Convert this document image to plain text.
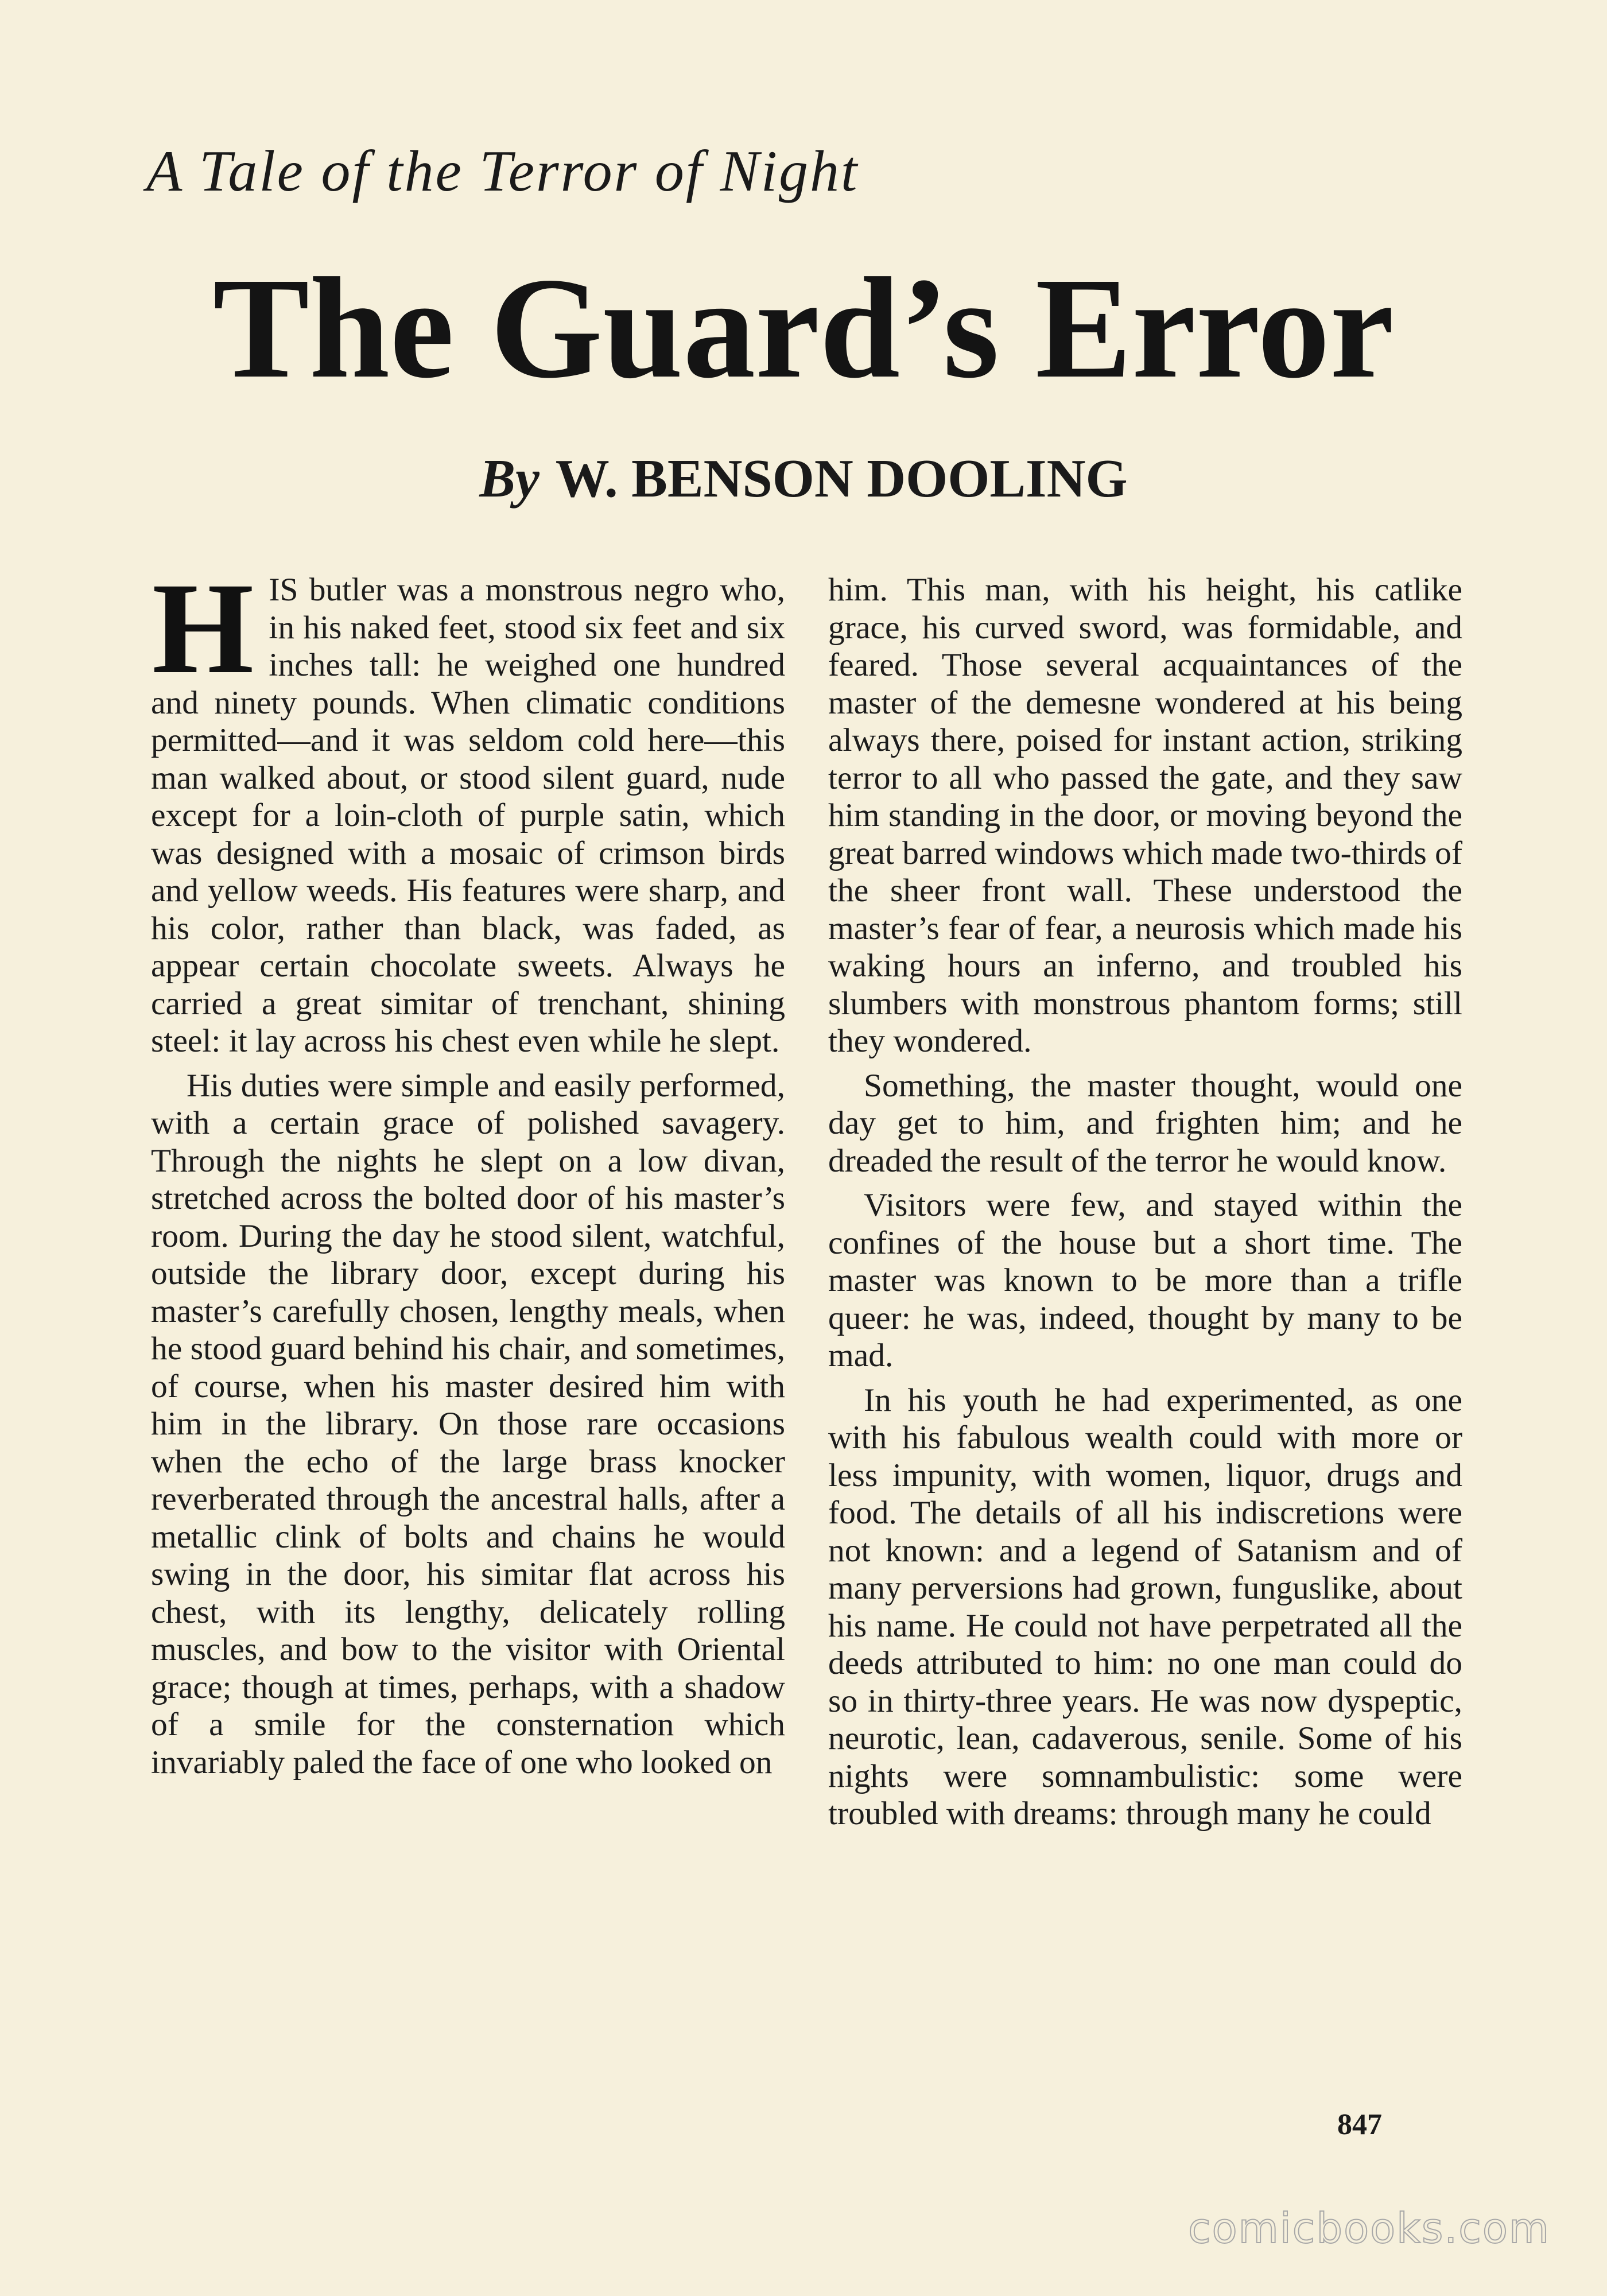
A Tale of the Terror of Night
The Guard’s Error
By W. BENSON DOOLING

HIS butler was a monstrous negro who, in his naked feet, stood six feet and six inches tall: he weighed one hundred and ninety pounds. When climatic conditions permitted—and it was seldom cold here—this man walked about, or stood silent guard, nude except for a loin-cloth of purple satin, which was designed with a mosaic of crimson birds and yellow weeds. His features were sharp, and his color, rather than black, was faded, as appear certain chocolate sweets. Always he carried a great simitar of trenchant, shining steel: it lay across his chest even while he slept.

His duties were simple and easily performed, with a certain grace of polished savagery. Through the nights he slept on a low divan, stretched across the bolted door of his master’s room. During the day he stood silent, watchful, outside the library door, except during his master’s carefully chosen, lengthy meals, when he stood guard behind his chair, and sometimes, of course, when his master desired him with him in the library. On those rare occasions when the echo of the large brass knocker reverberated through the ancestral halls, after a metallic clink of bolts and chains he would swing in the door, his simitar flat across his chest, with its lengthy, delicately rolling muscles, and bow to the visitor with Oriental grace; though at times, perhaps, with a shadow of a smile for the consternation which invariably paled the face of one who looked on

him. This man, with his height, his catlike grace, his curved sword, was formidable, and feared. Those several acquaintances of the master of the demesne wondered at his being always there, poised for instant action, striking terror to all who passed the gate, and they saw him standing in the door, or moving beyond the great barred windows which made two-thirds of the sheer front wall. These understood the master’s fear of fear, a neurosis which made his waking hours an inferno, and troubled his slumbers with monstrous phantom forms; still they wondered.

Something, the master thought, would one day get to him, and frighten him; and he dreaded the result of the terror he would know.

Visitors were few, and stayed within the confines of the house but a short time. The master was known to be more than a trifle queer: he was, indeed, thought by many to be mad.

In his youth he had experimented, as one with his fabulous wealth could with more or less impunity, with women, liquor, drugs and food. The details of all his indiscretions were not known: and a legend of Satanism and of many perversions had grown, funguslike, about his name. He could not have perpetrated all the deeds attributed to him: no one man could do so in thirty-three years. He was now dyspeptic, neurotic, lean, cadaverous, senile. Some of his nights were somnambulistic: some were troubled with dreams: through many he could

847
comicbooks.com
